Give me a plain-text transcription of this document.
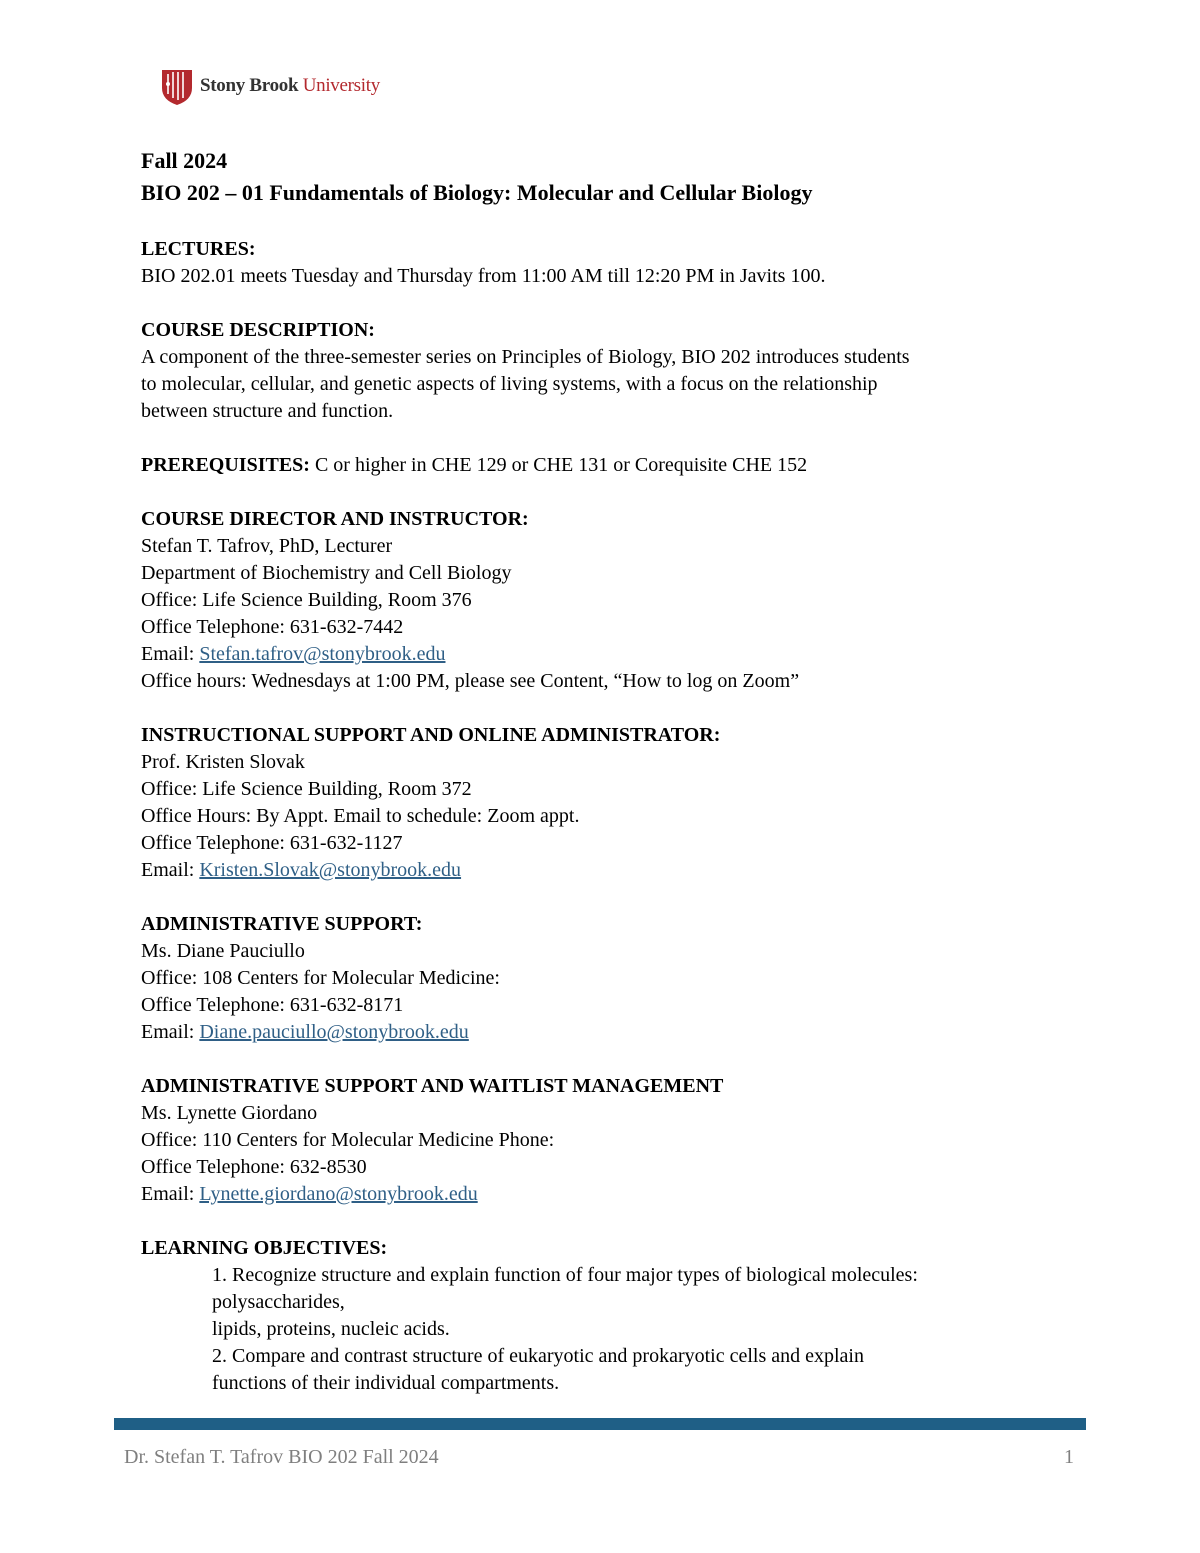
Stony Brook University
Fall 2024
BIO 202 – 01 Fundamentals of Biology: Molecular and Cellular Biology
LECTURES:
BIO 202.01 meets Tuesday and Thursday from 11:00 AM till 12:20 PM in Javits 100.
COURSE DESCRIPTION:
A component of the three-semester series on Principles of Biology, BIO 202 introduces students
to molecular, cellular, and genetic aspects of living systems, with a focus on the relationship
between structure and function.
PREREQUISITES: C or higher in CHE 129 or CHE 131 or Corequisite CHE 152
COURSE DIRECTOR AND INSTRUCTOR:
Stefan T. Tafrov, PhD, Lecturer
Department of Biochemistry and Cell Biology
Office: Life Science Building, Room 376
Office Telephone: 631-632-7442
Email: Stefan.tafrov@stonybrook.edu
Office hours: Wednesdays at 1:00 PM, please see Content, “How to log on Zoom”
INSTRUCTIONAL SUPPORT AND ONLINE ADMINISTRATOR:
Prof. Kristen Slovak
Office: Life Science Building, Room 372
Office Hours: By Appt. Email to schedule: Zoom appt.
Office Telephone: 631-632-1127
Email: Kristen.Slovak@stonybrook.edu
ADMINISTRATIVE SUPPORT:
Ms. Diane Pauciullo
Office: 108 Centers for Molecular Medicine:
Office Telephone: 631-632-8171
Email: Diane.pauciullo@stonybrook.edu
ADMINISTRATIVE SUPPORT AND WAITLIST MANAGEMENT
Ms. Lynette Giordano
Office: 110 Centers for Molecular Medicine Phone:
Office Telephone: 632-8530
Email: Lynette.giordano@stonybrook.edu
LEARNING OBJECTIVES:
1. Recognize structure and explain function of four major types of biological molecules:
polysaccharides,
lipids, proteins, nucleic acids.
2. Compare and contrast structure of eukaryotic and prokaryotic cells and explain
functions of their individual compartments.
Dr. Stefan T. Tafrov BIO 202 Fall 2024	1
